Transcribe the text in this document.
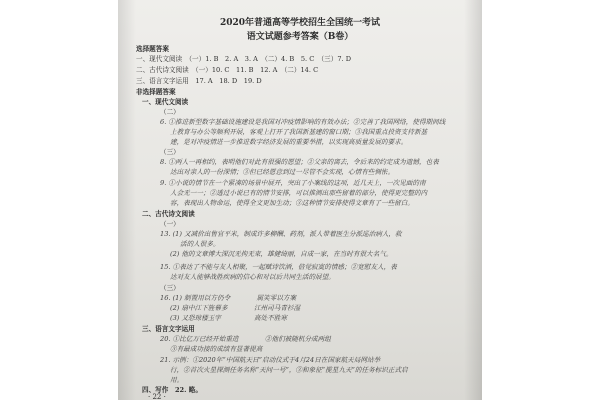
2020年普通高等学校招生全国统一考试
语文试题参考答案（B卷）
选择题答案
一、现代文阅读　（一）1. B　2. A　3. A　（二）4. B　5. C　（三）7. D
二、古代诗文阅读　（一）10. C　11. B　12. A　（二）14. C
三、语言文字运用　17. A　18. D　19. D
非选择题答案
一、现代文阅读
（二）
6. ①推进新型数字基础设施建设是我国对冲疫情影响的有效办法；②完善了我国网络，使得期间线
上教育与办公等顺利开展，客观上打开了我国新基建的窗口期；③我国重点投资支持新基
建，是对冲疫情进一步推进数字经济发展的重要举措，以实现高质量发展的要求。
（三）
8. ①两人一再相约，表明他们对此有很强的愿望；②父亲的离去，令后来的约定成为遗憾，也表
达出对亲人的一份深情；③但已经愿意到过一尽管不会实现，心情有些惆怅。
9. ①小说的情节在一个紧凑的场景中展开，突出了小案线的这项，近几天上，一次见面的南
人会无一一；②透过小说已有的情节安排，可以推测出那些留着的部分，使得更完整的内
容，表现出人物命运，使得全文更加生动；③这种情节安排使得文章有了一些留白。
二、古代诗文阅读
（一）
13. (1) 又减价出售官平米，制成许多柳酬、药剂，派人带着医生分派巡治病人，救
活的人很多。
(2) 他的文章博大深沉无拘无束，雄健绮丽，自成一家，在当时有很大名气。
15. ①表达了不能与友人相聚，一起赋诗饮酒，倍觉寂寞的情感；②宽慰友人，表
达对友人能够战胜疾病的信心和对以后共同生活的展望。
（三）
16. (1) 制置用以方仍令　　　　属笑零以方案
(2) 扇中江下旌幕多　　　　江州司马青衫湿
(3) 又恐琼楼玉宇　　　　　高处不胜寒
三、语言文字运用
20. ①比亿万已经开始重造　　　　②他们被随机分成两组
③有最成功接的成绩有显著提高
21. 示例：①2020年“中国航天日”启动仪式于4月24日在国家航天局网站举
行，②首次火星探测任务名称“天问一号”，③和象征“揽星九天”的任务标识正式启
用。
四、写作　22. 略。
· 22 ·
